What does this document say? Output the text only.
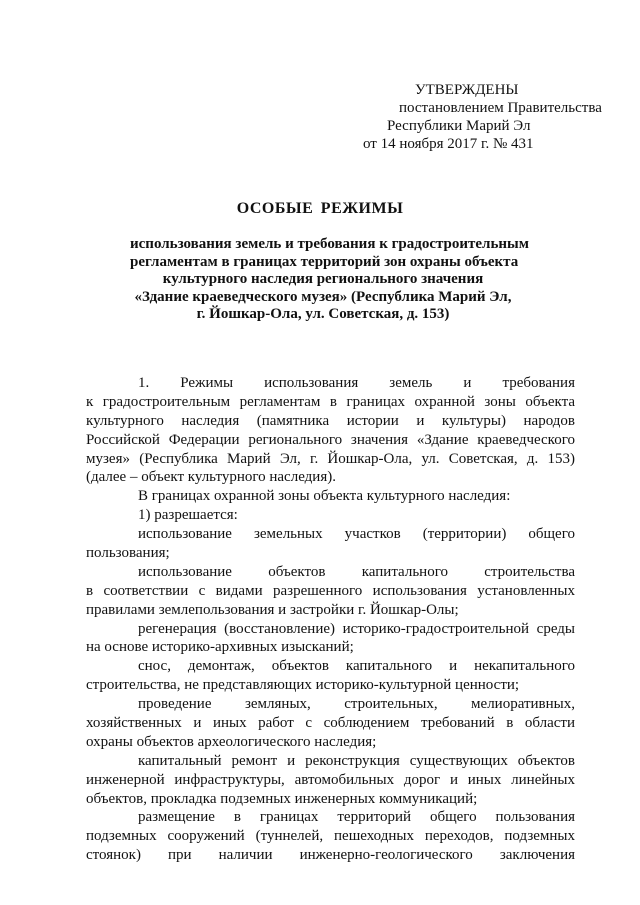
УТВЕРЖДЕНЫ
постановлением Правительства
Республики Марий Эл
от 14 ноября 2017 г. № 431
ОСОБЫЕ РЕЖИМЫ
использования земель и требования к градостроительным
регламентам в границах территорий зон охраны объекта
культурного наследия регионального значения
«Здание краеведческого музея» (Республика Марий Эл,
г. Йошкар-Ола, ул. Советская, д. 153)
1. Режимы использования земель и требования
к градостроительным регламентам в границах охранной зоны объекта
культурного наследия (памятника истории и культуры) народов
Российской Федерации регионального значения «Здание краеведческого
музея» (Республика Марий Эл, г. Йошкар-Ола, ул. Советская, д. 153)
(далее – объект культурного наследия).
В границах охранной зоны объекта культурного наследия:
1) разрешается:
использование земельных участков (территории) общего
пользования;
использование объектов капитального строительства
в соответствии с видами разрешенного использования установленных
правилами землепользования и застройки г. Йошкар-Олы;
регенерация (восстановление) историко-градостроительной среды
на основе историко-архивных изысканий;
снос, демонтаж, объектов капитального и некапитального
строительства, не представляющих историко-культурной ценности;
проведение земляных, строительных, мелиоративных,
хозяйственных и иных работ с соблюдением требований в области
охраны объектов археологического наследия;
капитальный ремонт и реконструкция существующих объектов
инженерной инфраструктуры, автомобильных дорог и иных линейных
объектов, прокладка подземных инженерных коммуникаций;
размещение в границах территорий общего пользования
подземных сооружений (туннелей, пешеходных переходов, подземных
стоянок) при наличии инженерно-геологического заключения
